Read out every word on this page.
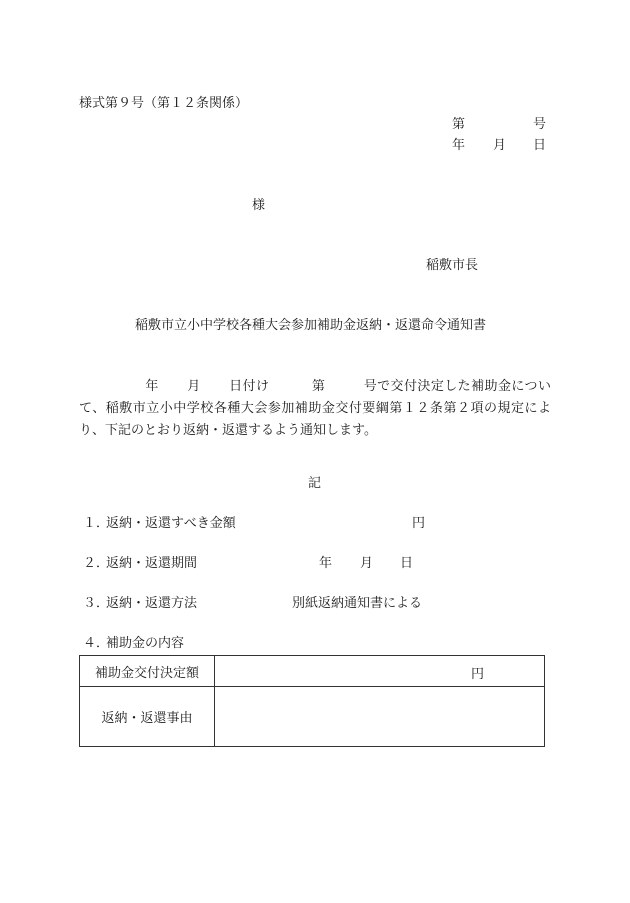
様式第９号（第１２条関係）
第	号
年 月 日
様
稲敷市長
稲敷市立小中学校各種大会参加補助金返納・返還命令通知書
年 月 日付け	第	号で交付決定した補助金について、稲敷市立小中学校各種大会参加補助金交付要綱第１２条第２項の規定により、下記のとおり返納・返還するよう通知します。
記
１．
返納・返還すべき金額	円
２．
返納・返還期間	年 月 日
３．
返納・返還方法	別紙返納通知書による
４．
補助金の内容
補助金交付決定額	円

返納・返還事由	
